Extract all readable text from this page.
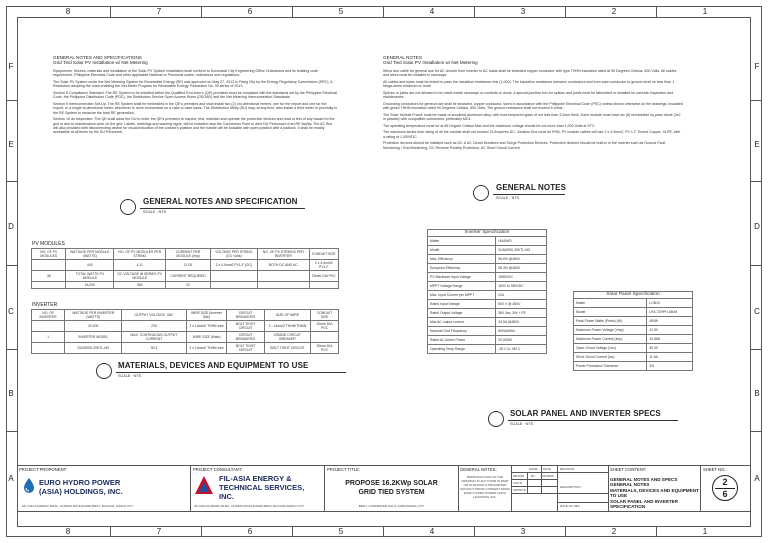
8	7	6	5	4	3	2	1
8	7	6	5	4	3	2	1
F
E
D
C
B
A
F
E
D
C
B
A
GENERAL NOTES AND SPECIFICATIONS
Grid Tied Solar PV Installation w/ Net Metering

Equipments, fixtures, materials and installation of the Solar PV System Installation shall conform to Koronadal City Engineering Office Ordinances and its building code requirement, Philippine Electrical Code and other applicable National or Provincial codes, ordinances and regulations.

The Solar PV System under the Net Metering System for Renewable Energy (RE) was approved on May 27, 2013 in Pasig City by the Energy Regulatory Commission (ERC), A Resolution adopting the rules enabling the Net-Meter Program for Renewable Energy, Resolution No. 09 series of 2013.

Section 8 Compliance Standard: The RE System to be installed within the Qualified End-User's (QE) premises must be compliant with the standards set by the Philippine Electrical Code, the Philippine Distribution Code (PDC), the Distribution Service Open Access Rules (DSOAR) and the Net Metering Interconnection Standards.

Section 9 Interconnection Set-Up: The RE System shall be embedded in the QE's premises and shall install two (2) uni-directional meters, one for the import and one for the export, or a single bi-directional meter, whichever is more economical on a case to case basis. The Distribution Utility (DU) may, at any time, also install a third meter in proximity to the RE System to measure the total RE generation.

Section 10 du Inspection: The QE shall allow the DU to enter the QE's premises to inspect, test, maintain and operate the protective devices and read or test of any hazard to the grid or due to maintenance work on the grid. Labels, markings and warning signs, will be installed near the Connection Point to alert DU Personnel of an RE facility. The AC Box will also provided with disconnecting device for visual indication of the contact's position and the handle will be lockable with open position with a padlock. It shall be readily accessible at all times by the DU Personnel.

GENERAL NOTES
Grid Tied Solar PV Installation w/ Net Metering

Wires and cable for general use for AC circuits from inverter to AC loads shall be stranded copper conductor with type THHN insulation rated at 90 Degrees Celsius, 600 Volts. All cables and wires must be installed in raceways.

All cables and wires must be tested to pass the insulation resistance test (1,000). The insulation resistance between conductors and from each conductor to ground shall no less than 1 Mega-ohms minimum or more.

Splices or joints are not allowed to be made inside raceways or conduits or ducts. A special junction box for splices and joints must be fabricated or installed for periodic inspection and maintenance.

Grounding conductors for general use shall be stranded, copper conductor, sized in accordance with the Philippine Electrical Code (PEC) unless shown otherwise on the drawings, insulated with green THHN insulation rated 90 Degrees Celsius, 600 Volts. The ground resistance shall not exceed 5 ohms.

The Solar Module Frame must be made of anodized aluminum alloy, with front tempered glass of not less than 3.2mm thick. Each module must have six (6) serviceable by-pass diode (3x2 in parallel) with compatible connectors, preferably MC4.

The operating temperature must be at 85 Degree Celsius Max and the maximum voltage should be not more than 1,000 Volts at STC.

The maximum series fuse rating of all the module shall not exceed 15 Amperes DC. Junction Box must be IP65. PV module cables will use 2 x 4.0mm2, PV 1-F Tinned Copper, XLPE, with a rating of 1,000VDC.

Protection devices should be installed such as DC & AC Circuit Breakers and SUrge Protection Devices. Protection devices should be built-in in the inverter such as Ground Fault Monitoring / Grid Monitoring, DC Reverse Polarity Protection, AC Short Circuit Current.

GENERAL NOTES AND SPECIFICATION
SCALE : NTS
GENERAL NOTES
SCALE : NTS
PV MODULES
NO. OF PV MODULES	WATTAGE PER MODULE (WATTS)	NO. OF PV MODULES PER STRING	CURRENT PER MODULE (Imp)	VOLTAGE PER STRING (DC Volts)	NO. OF PV STRINGS PER INVERTER	CONDUIT SIZE
	440	4.11	11.00	2 x 4.0mm2 PV1-F (DC)	BOTH DC AND AC	2 x 4.0mm2 PV1-F
36	TOTAL WATTS PV MODULE	DC VOLTAGE IN SERIES PV MODULE	CURRENT REQUIRED			20mm DIA PVC
	16,200	360	22			
INVERTER
NO. OF INVERTER	WATTAGE PER INVERTER (WATTS)	OUTPUT VOLTAGE, VAC	WIRE SIZE (Inverter Site)	CIRCUIT BREAKER/S	SIZE OF WIRE	CONDUIT SIZE
	20,000	230	2 x 14mm2 THHN wire	BOLT TIGHT CIRCUIT	2 - 14mm2 THHN/THWN	20mm DIA PVC
1	INVERTER MODEL	MAX. CONTINUOUS OUTPUT CURRENT	WIRE SIZE (Main)	CIRCUIT BREAKER/S	GRAND CIRCUIT BREAKER	
	SUN2000-20KTL-M3	30.3	2 x 14mm2 THHN wire	BOLT TIGHT CIRCUIT	BOLT TIGHT CIRCUIT	20mm DIA PVC
MATERIALS, DEVICES AND EQUIPMENT TO USE
SCALE : NTS
Inverter Specification	
Maker	HUAWEI
Model	SUN2000-20KTL-M3
Max. Efficiency	98.6% @480V
European Efficiency	98.3% @480V
PV Maximum Input Voltage	1080VDC
MPPT Voltage Range	160V to 950VDC
Max. Input Current per MPPT	22A
Rated Input Voltage	600 V @ 480V
Rated Output Voltage	380 Vac, 3W + PE
Max AC output current	33.5A @480V
Nominal Grid Frequency	50Hz/60Hz
Rated AC Active Power	20,000W
Operating Temp Range	-25 C to +60 C
Solar Panel Specification	
Maker	LONGI
Model	LR4-72HPH-450M
Peak Power Watts (Pmax) (W)	450W
Maximum Power Voltage (Vmp)	41.5V
Maximum Power Current (Imp)	10.85A
Open Circuit Voltage (Voc)	49.3V
Short Circuit Current (Isc)	11.6A
Power Production Tolerance	3%
SOLAR PANEL AND INVERTER SPECS
SCALE : NTS
PROJECT PROPONENT:
EURO HYDRO POWER
(ASIA) HOLDINGS, INC.
3/F, ASIA ALABANG BLDG. OLIMPIO BOULEVARD BRGY. BUCANA, DAVAO CITY
PROJECT CONSULTANT:
FIL-ASIA ENERGY &
TECHNICAL SERVICES,
INC.
3/F ASIA ALABANG BLDG. OLIMPIO BOULEVARD BRGY. BUCANA DAVAO CITY
PROJECT TITLE:
PROPOSE 16.2KWp SOLAR
GRID TIED SYSTEM
BRGY. CARPENTER HILLS, KORONADAL CITY
GENERAL NOTES:
REPRODUCTION OF THE DRAWING IN ANY FORM IN PART OR IN WHOLE IS PROHIBITED WITHOUT PRIOR CONSENT FROM EURO HYDRO POWER (ASIA) HOLDINGS, INC.
NAME DATE	REVISION
DRAWN BY 01/28/26
CHK'D
APPRV'D
DESCRIPTION
DATE OF REV.
SHEET CONTENT:
GENERAL NOTES AND SPECS
GENERAL NOTES
MATERIALS, DEVICES AND EQUIPMENT TO USE
SOLAR PANEL AND INVERTER SPECIFICATION
SHEET NO.:
2
6
